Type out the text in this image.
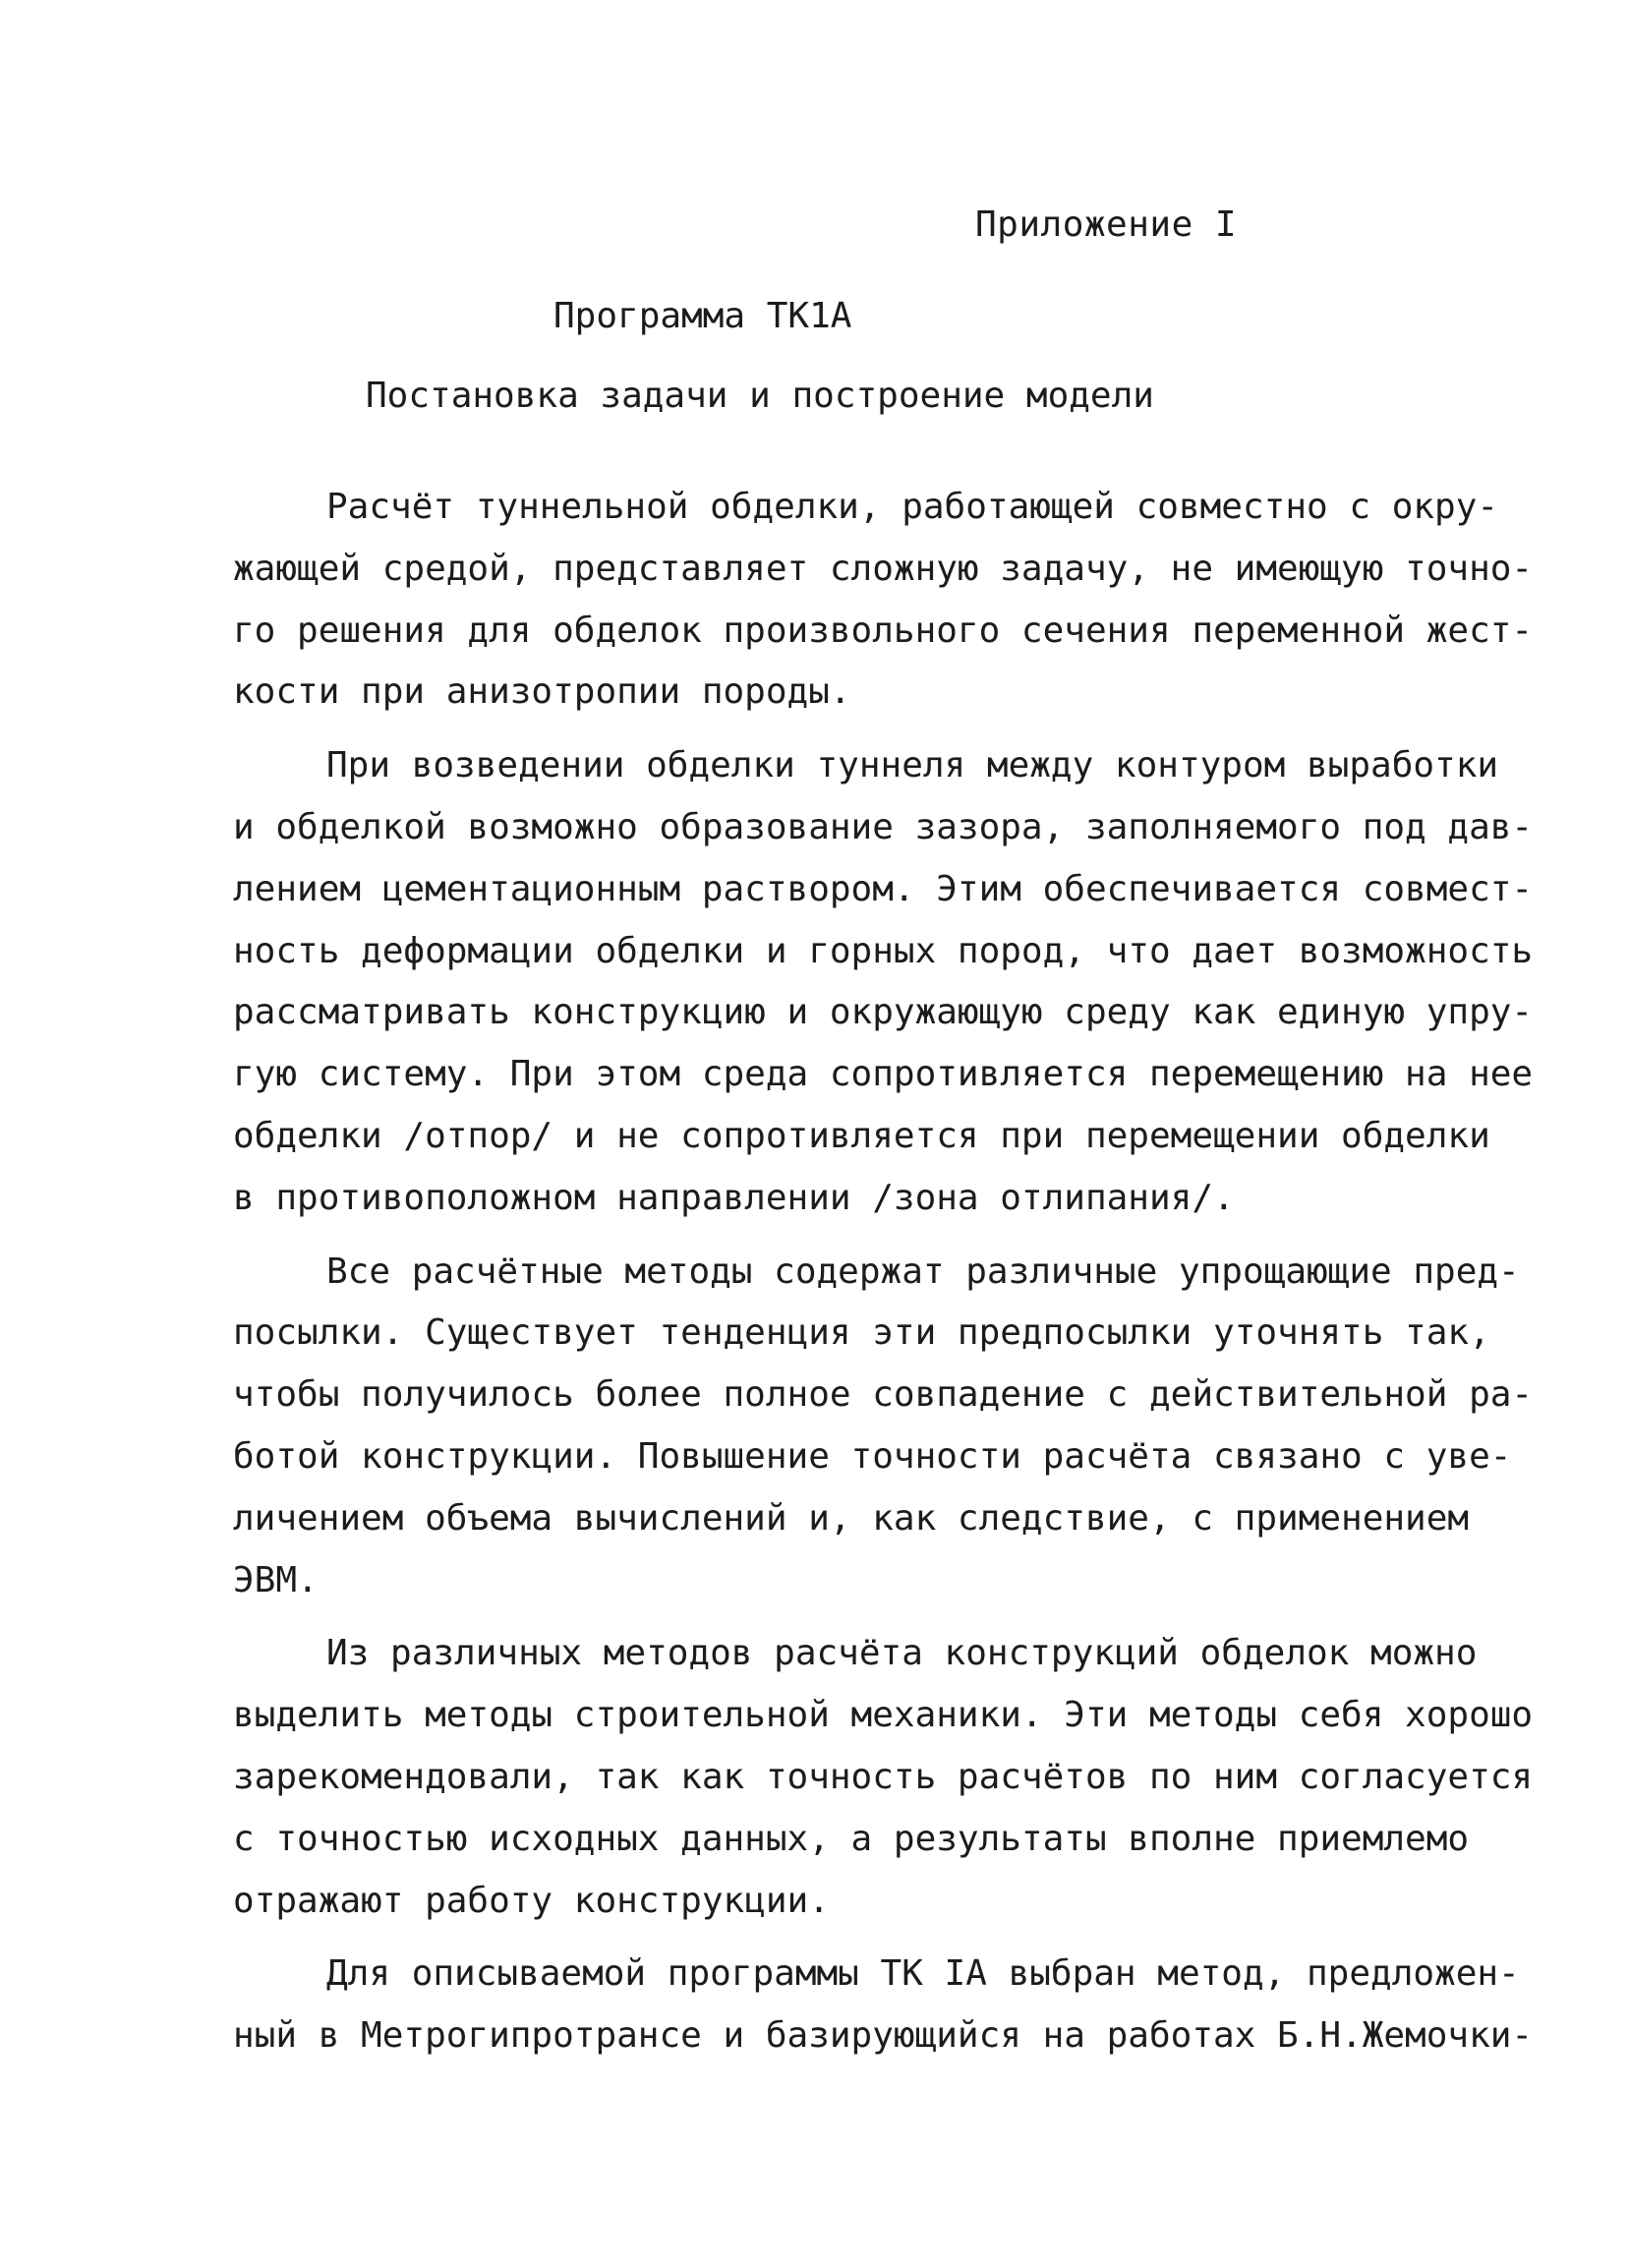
Приложение I
Программа ТК1А
Постановка задачи и построение модели
Расчёт туннельной обделки, работающей совместно с окру-
жающей средой, представляет сложную задачу, не имеющую точно-
го решения для обделок произвольного сечения переменной жест-
кости при анизотропии породы.
При возведении обделки туннеля между контуром выработки
и обделкой возможно образование зазора, заполняемого под дав-
лением цементационным раствором. Этим обеспечивается совмест-
ность деформации обделки и горных пород, что дает возможность
рассматривать конструкцию и окружающую среду как единую упру-
гую систему. При этом среда сопротивляется перемещению на нее
обделки /отпор/ и не сопротивляется при перемещении обделки
в противоположном направлении /зона отлипания/.
Все расчётные методы содержат различные упрощающие пред-
посылки. Существует тенденция эти предпосылки уточнять так,
чтобы получилось более полное совпадение с действительной ра-
ботой конструкции. Повышение точности расчёта связано с уве-
личением объема вычислений и, как следствие, с применением
ЭВМ.
Из различных методов расчёта конструкций обделок можно
выделить методы строительной механики. Эти методы себя хорошо
зарекомендовали, так как точность расчётов по ним согласуется
с точностью исходных данных, а результаты вполне приемлемо
отражают работу конструкции.
Для описываемой программы ТК IA выбран метод, предложен-
ный в Метрогипротрансе и базирующийся на работах Б.Н.Жемочки-
